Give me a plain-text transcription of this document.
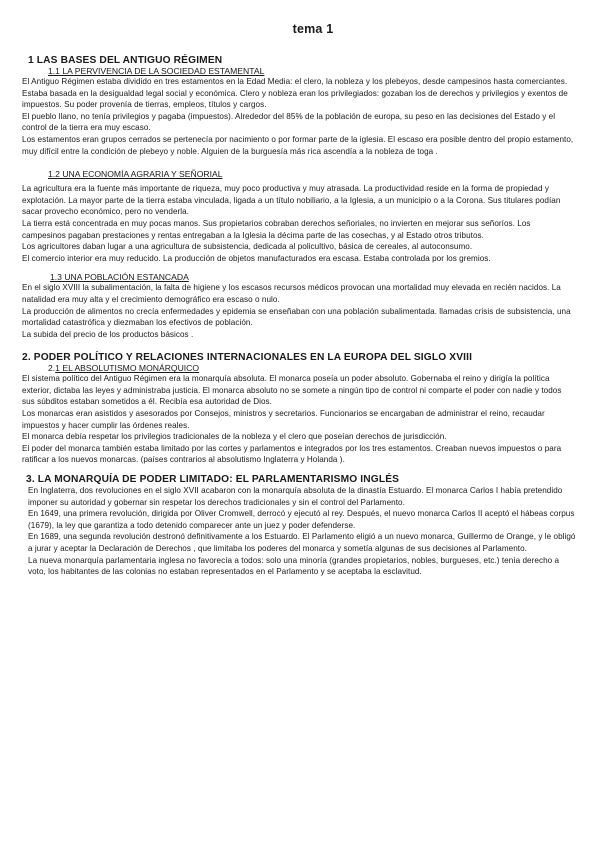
tema 1
1 LAS BASES DEL ANTIGUO RÉGIMEN
1.1 LA PERVIVENCIA DE LA SOCIEDAD ESTAMENTAL

El Antiguo Régimen estaba dividido en tres estamentos en la Edad Media: el clero, la nobleza y los plebeyos, desde campesinos hasta comerciantes. Estaba basada en la desigualdad legal social y económica. Clero y nobleza eran los privilegiados: gozaban los de derechos y privilegios y exentos de impuestos. Su poder provenía de tierras, empleos, títulos y cargos.

El pueblo llano, no tenía privilegios y pagaba (impuestos). Alrededor del 85% de la población de europa, su peso en las decisiones del Estado y el control de la tierra era muy escaso.

Los estamentos eran grupos cerrados se pertenecía por nacimiento o por formar parte de la iglesia. El escaso era posible dentro del propio estamento, muy difícil entre la condición de plebeyo y noble. Alguien de la burguesía más rica ascendía a la nobleza de toga .

1.2 UNA ECONOMÍA AGRARIA Y SEÑORIAL

La agricultura era la fuente más importante de riqueza, muy poco productiva y muy atrasada. La productividad reside en la forma de propiedad y explotación. La mayor parte de la tierra estaba vinculada, ligada a un título nobiliario, a la Iglesia, a un municipio o a la Corona. Sus titulares podían sacar provecho económico, pero no venderla.

La tierra está concentrada en muy pocas manos. Sus propietarios cobraban derechos señoriales, no invierten en mejorar sus señoríos. Los campesinos pagaban prestaciones y rentas entregaban a la Iglesia la décima parte de las cosechas, y al Estado otros tributos.

Los agricultores daban lugar a una agricultura de subsistencia, dedicada al policultivo, básica de cereales, al autoconsumo.

El comercio interior era muy reducido. La producción de objetos manufacturados era escasa. Estaba controlada por los gremios.

1.3 UNA POBLACIÓN ESTANCADA

En el siglo XVIII la subalimentación, la falta de higiene y los escasos recursos médicos provocan una mortalidad muy elevada en recién nacidos. La natalidad era muy alta y el crecimiento demográfico era escaso o nulo.

La producción de alimentos no crecía enfermedades y epidemia se enseñaban con una población subalimentada. llamadas crisis de subsistencia, una mortalidad catastrófica y diezmaban los efectivos de población.

La subida del precio de los productos básicos .

2. PODER POLÍTICO Y RELACIONES INTERNACIONALES EN LA EUROPA DEL SIGLO XVIII
2.1 EL ABSOLUTISMO MONÁRQUICO

El sistema político del Antiguo Régimen era la monarquía absoluta. El monarca poseía un poder absoluto. Gobernaba el reino y dirigía la política exterior, dictaba las leyes y administraba justicia. El monarca absoluto no se somete a ningún tipo de control ni comparte el poder con nadie y todos sus súbditos estaban sometidos a él. Recibía esa autoridad de Dios.

Los monarcas eran asistidos y asesorados por Consejos, ministros y secretarios. Funcionarios se encargaban de administrar el reino, recaudar impuestos y hacer cumplir las órdenes reales.

El monarca debía respetar los privilegios tradicionales de la nobleza y el clero que poseían derechos de jurisdicción.

El poder del monarca también estaba limitado por las cortes y parlamentos e integrados por los tres estamentos. Creaban nuevos impuestos o para ratificar a los nuevos monarcas. (países contrarios al absolutismo Inglaterra y Holanda ).

3. LA MONARQUÍA DE PODER LIMITADO: EL PARLAMENTARISMO INGLÉS

En Inglaterra, dos revoluciones en el siglo XVII acabaron con la monarquía absoluta de la dinastía Estuardo. El monarca Carlos I había pretendido imponer su autoridad y gobernar sin respetar los derechos tradicionales y sin el control del Parlamento.

En 1649, una primera revolución, dirigida por Oliver Cromwell, derrocó y ejecutó al rey. Después, el nuevo monarca Carlos II aceptó el hábeas corpus (1679), la ley que garantiza a todo detenido comparecer ante un juez y poder defenderse.

En 1689, una segunda revolución destronó definitivamente a los Estuardo. El Parlamento eligió a un nuevo monarca, Guillermo de Orange, y le obligó a jurar y aceptar la Declaración de Derechos , que limitaba los poderes del monarca y sometía algunas de sus decisiones al Parlamento.

La nueva monarquía parlamentaria inglesa no favorecía a todos: solo una minoría (grandes propietarios, nobles, burgueses, etc.) tenía derecho a voto, los habitantes de las colonias no estaban representados en el Parlamento y se aceptaba la esclavitud.
